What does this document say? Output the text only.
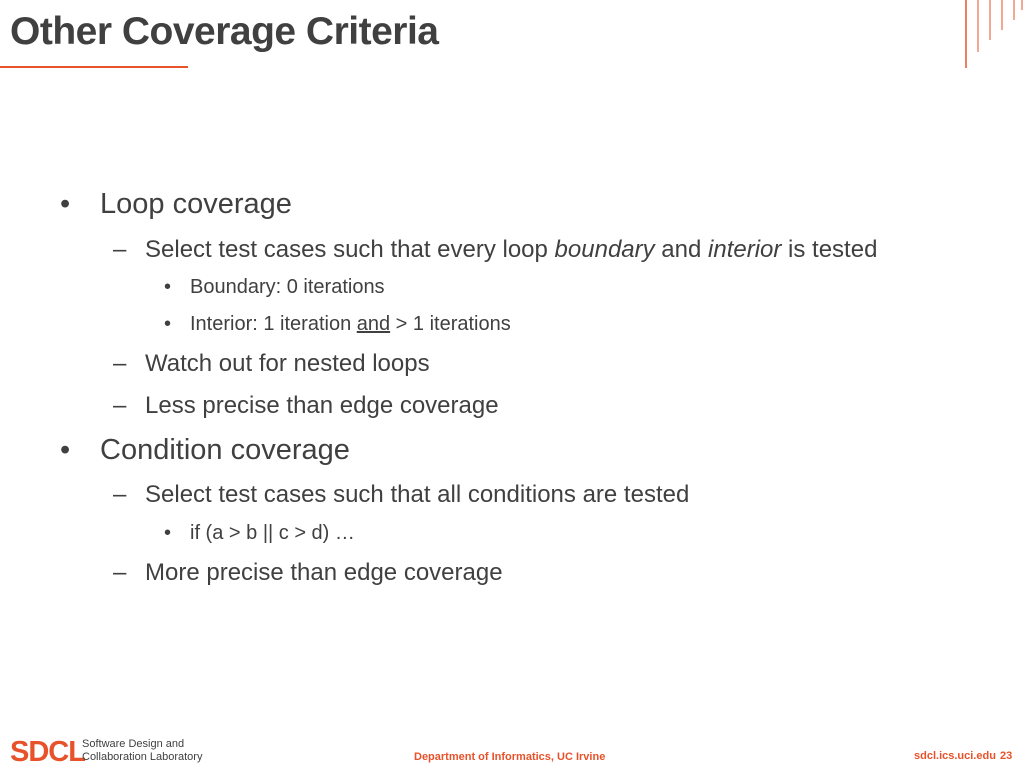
Other Coverage Criteria
• Loop coverage
– Select test cases such that every loop boundary and interior is tested
• Boundary: 0 iterations
• Interior: 1 iteration and > 1 iterations
– Watch out for nested loops
– Less precise than edge coverage
• Condition coverage
– Select test cases such that all conditions are tested
• if (a > b || c > d) …
– More precise than edge coverage
SDCL
Software Design and
Collaboration Laboratory	Department of Informatics, UC Irvine	sdcl.ics.uci.edu 23
